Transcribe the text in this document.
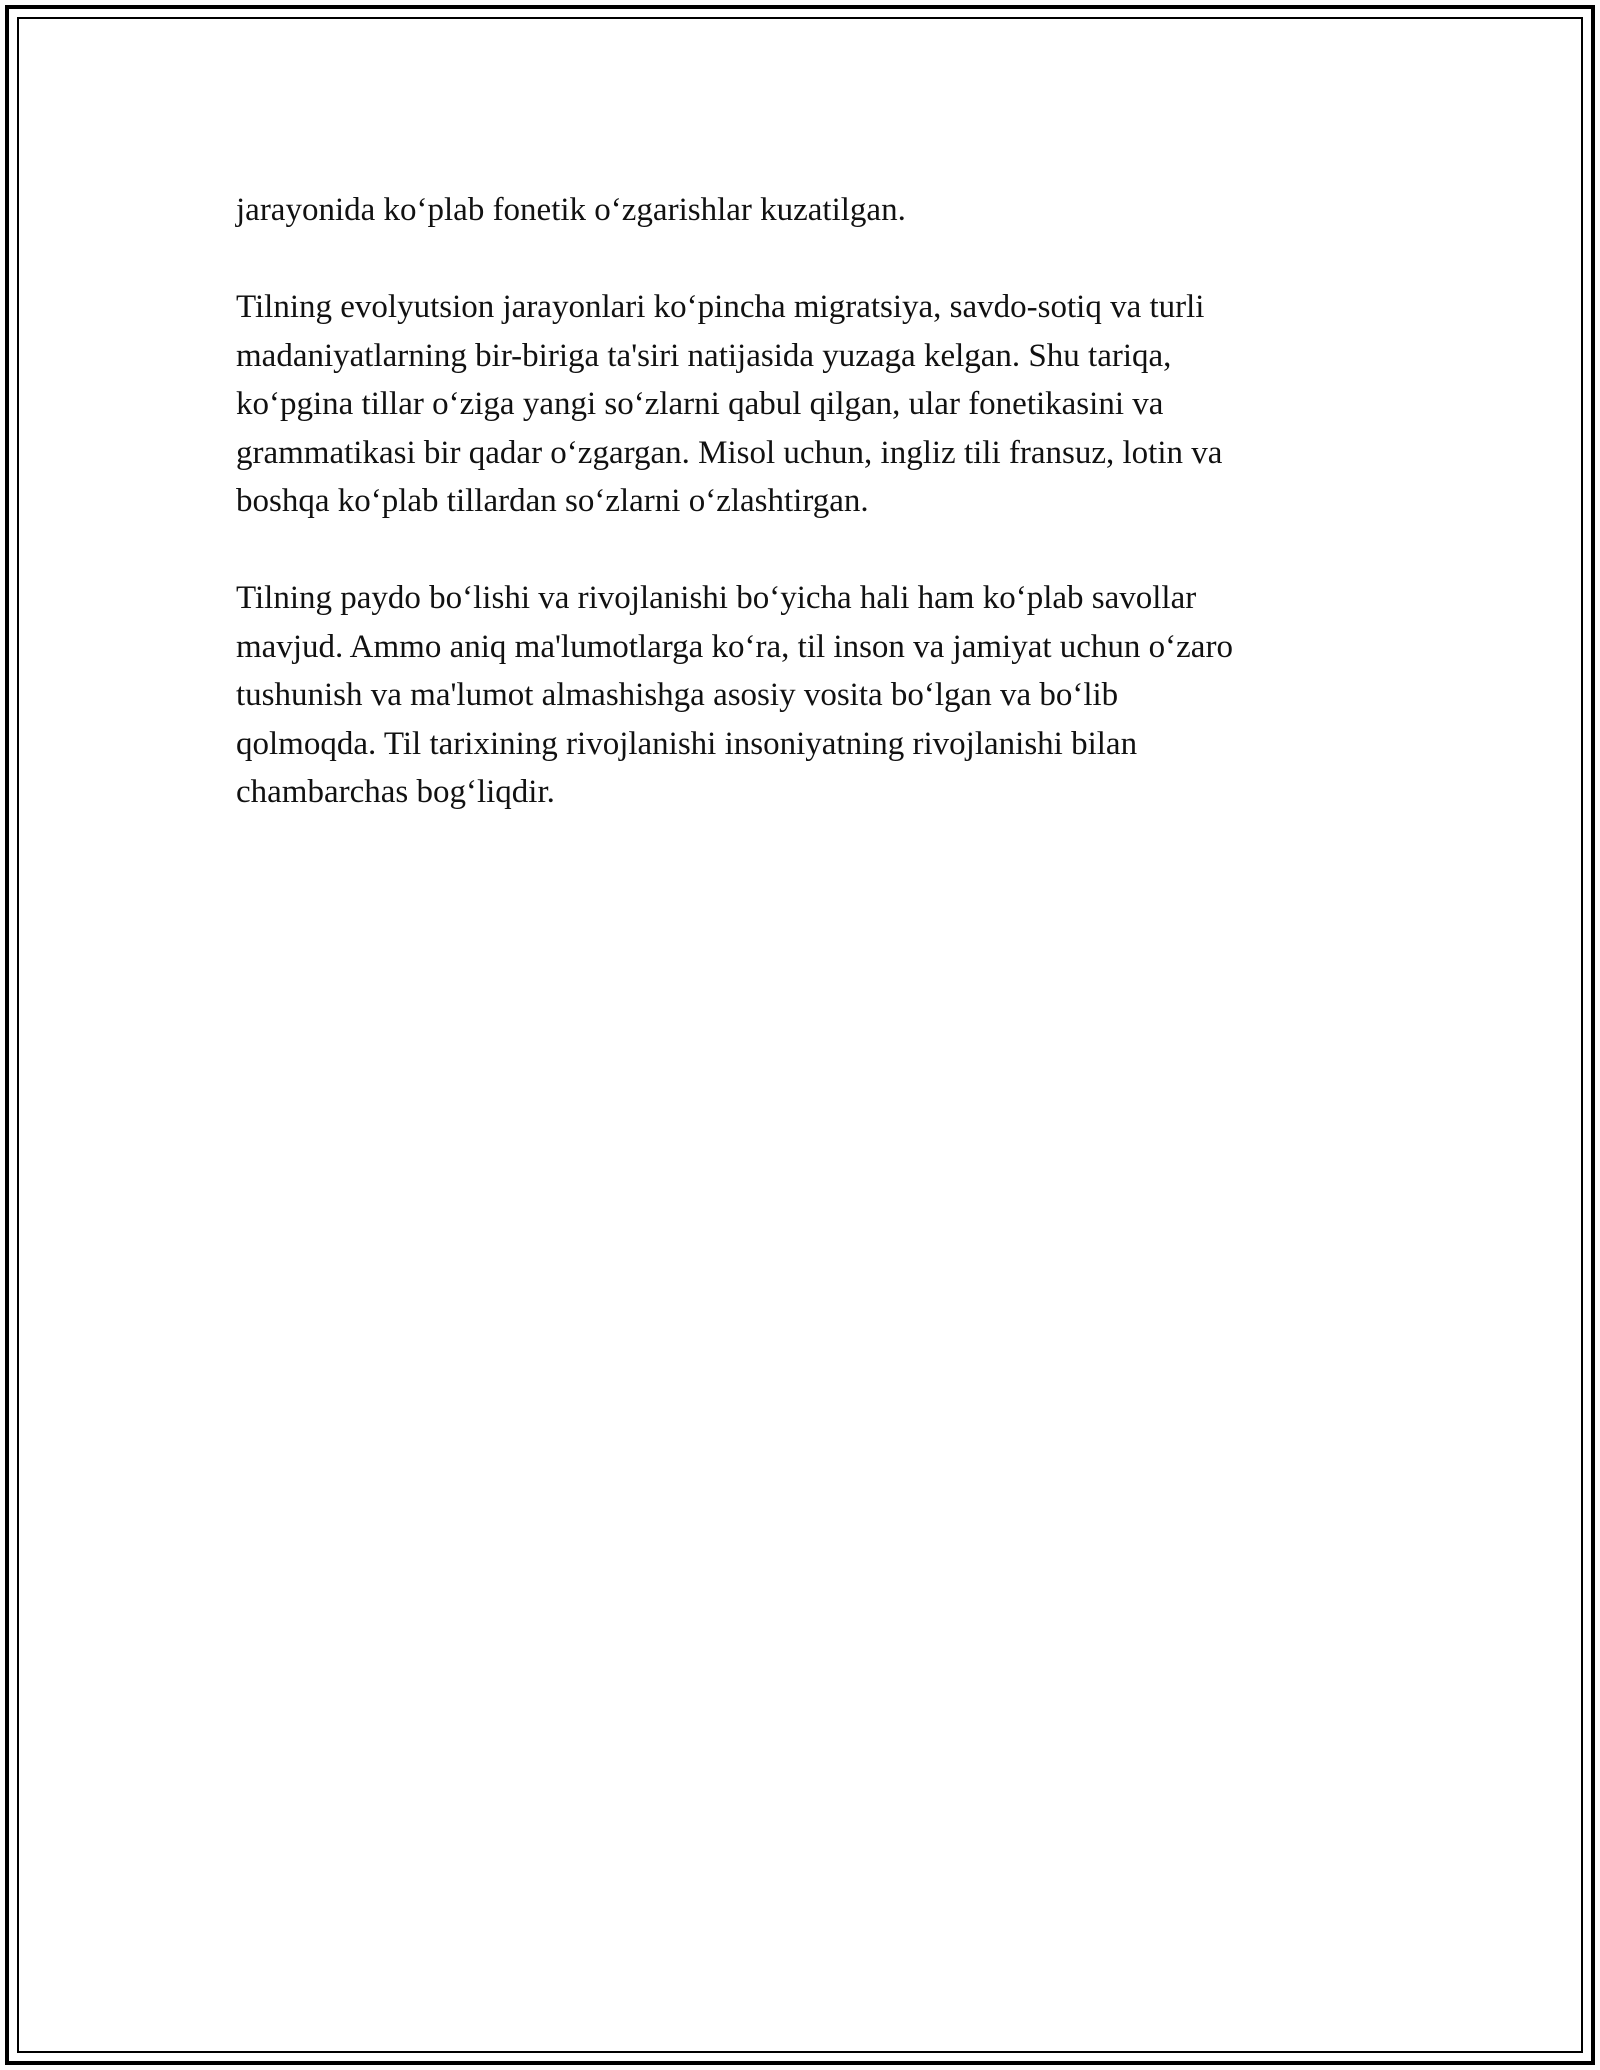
jarayonida ko‘plab fonetik o‘zgarishlar kuzatilgan.

Tilning evolyutsion jarayonlari ko‘pincha migratsiya, savdo-sotiq va turli
madaniyatlarning bir-biriga ta'siri natijasida yuzaga kelgan. Shu tariqa,
ko‘pgina tillar o‘ziga yangi so‘zlarni qabul qilgan, ular fonetikasini va
grammatikasi bir qadar o‘zgargan. Misol uchun, ingliz tili fransuz, lotin va
boshqa ko‘plab tillardan so‘zlarni o‘zlashtirgan.

Tilning paydo bo‘lishi va rivojlanishi bo‘yicha hali ham ko‘plab savollar
mavjud. Ammo aniq ma'lumotlarga ko‘ra, til inson va jamiyat uchun o‘zaro
tushunish va ma'lumot almashishga asosiy vosita bo‘lgan va bo‘lib
qolmoqda. Til tarixining rivojlanishi insoniyatning rivojlanishi bilan
chambarchas bog‘liqdir.
